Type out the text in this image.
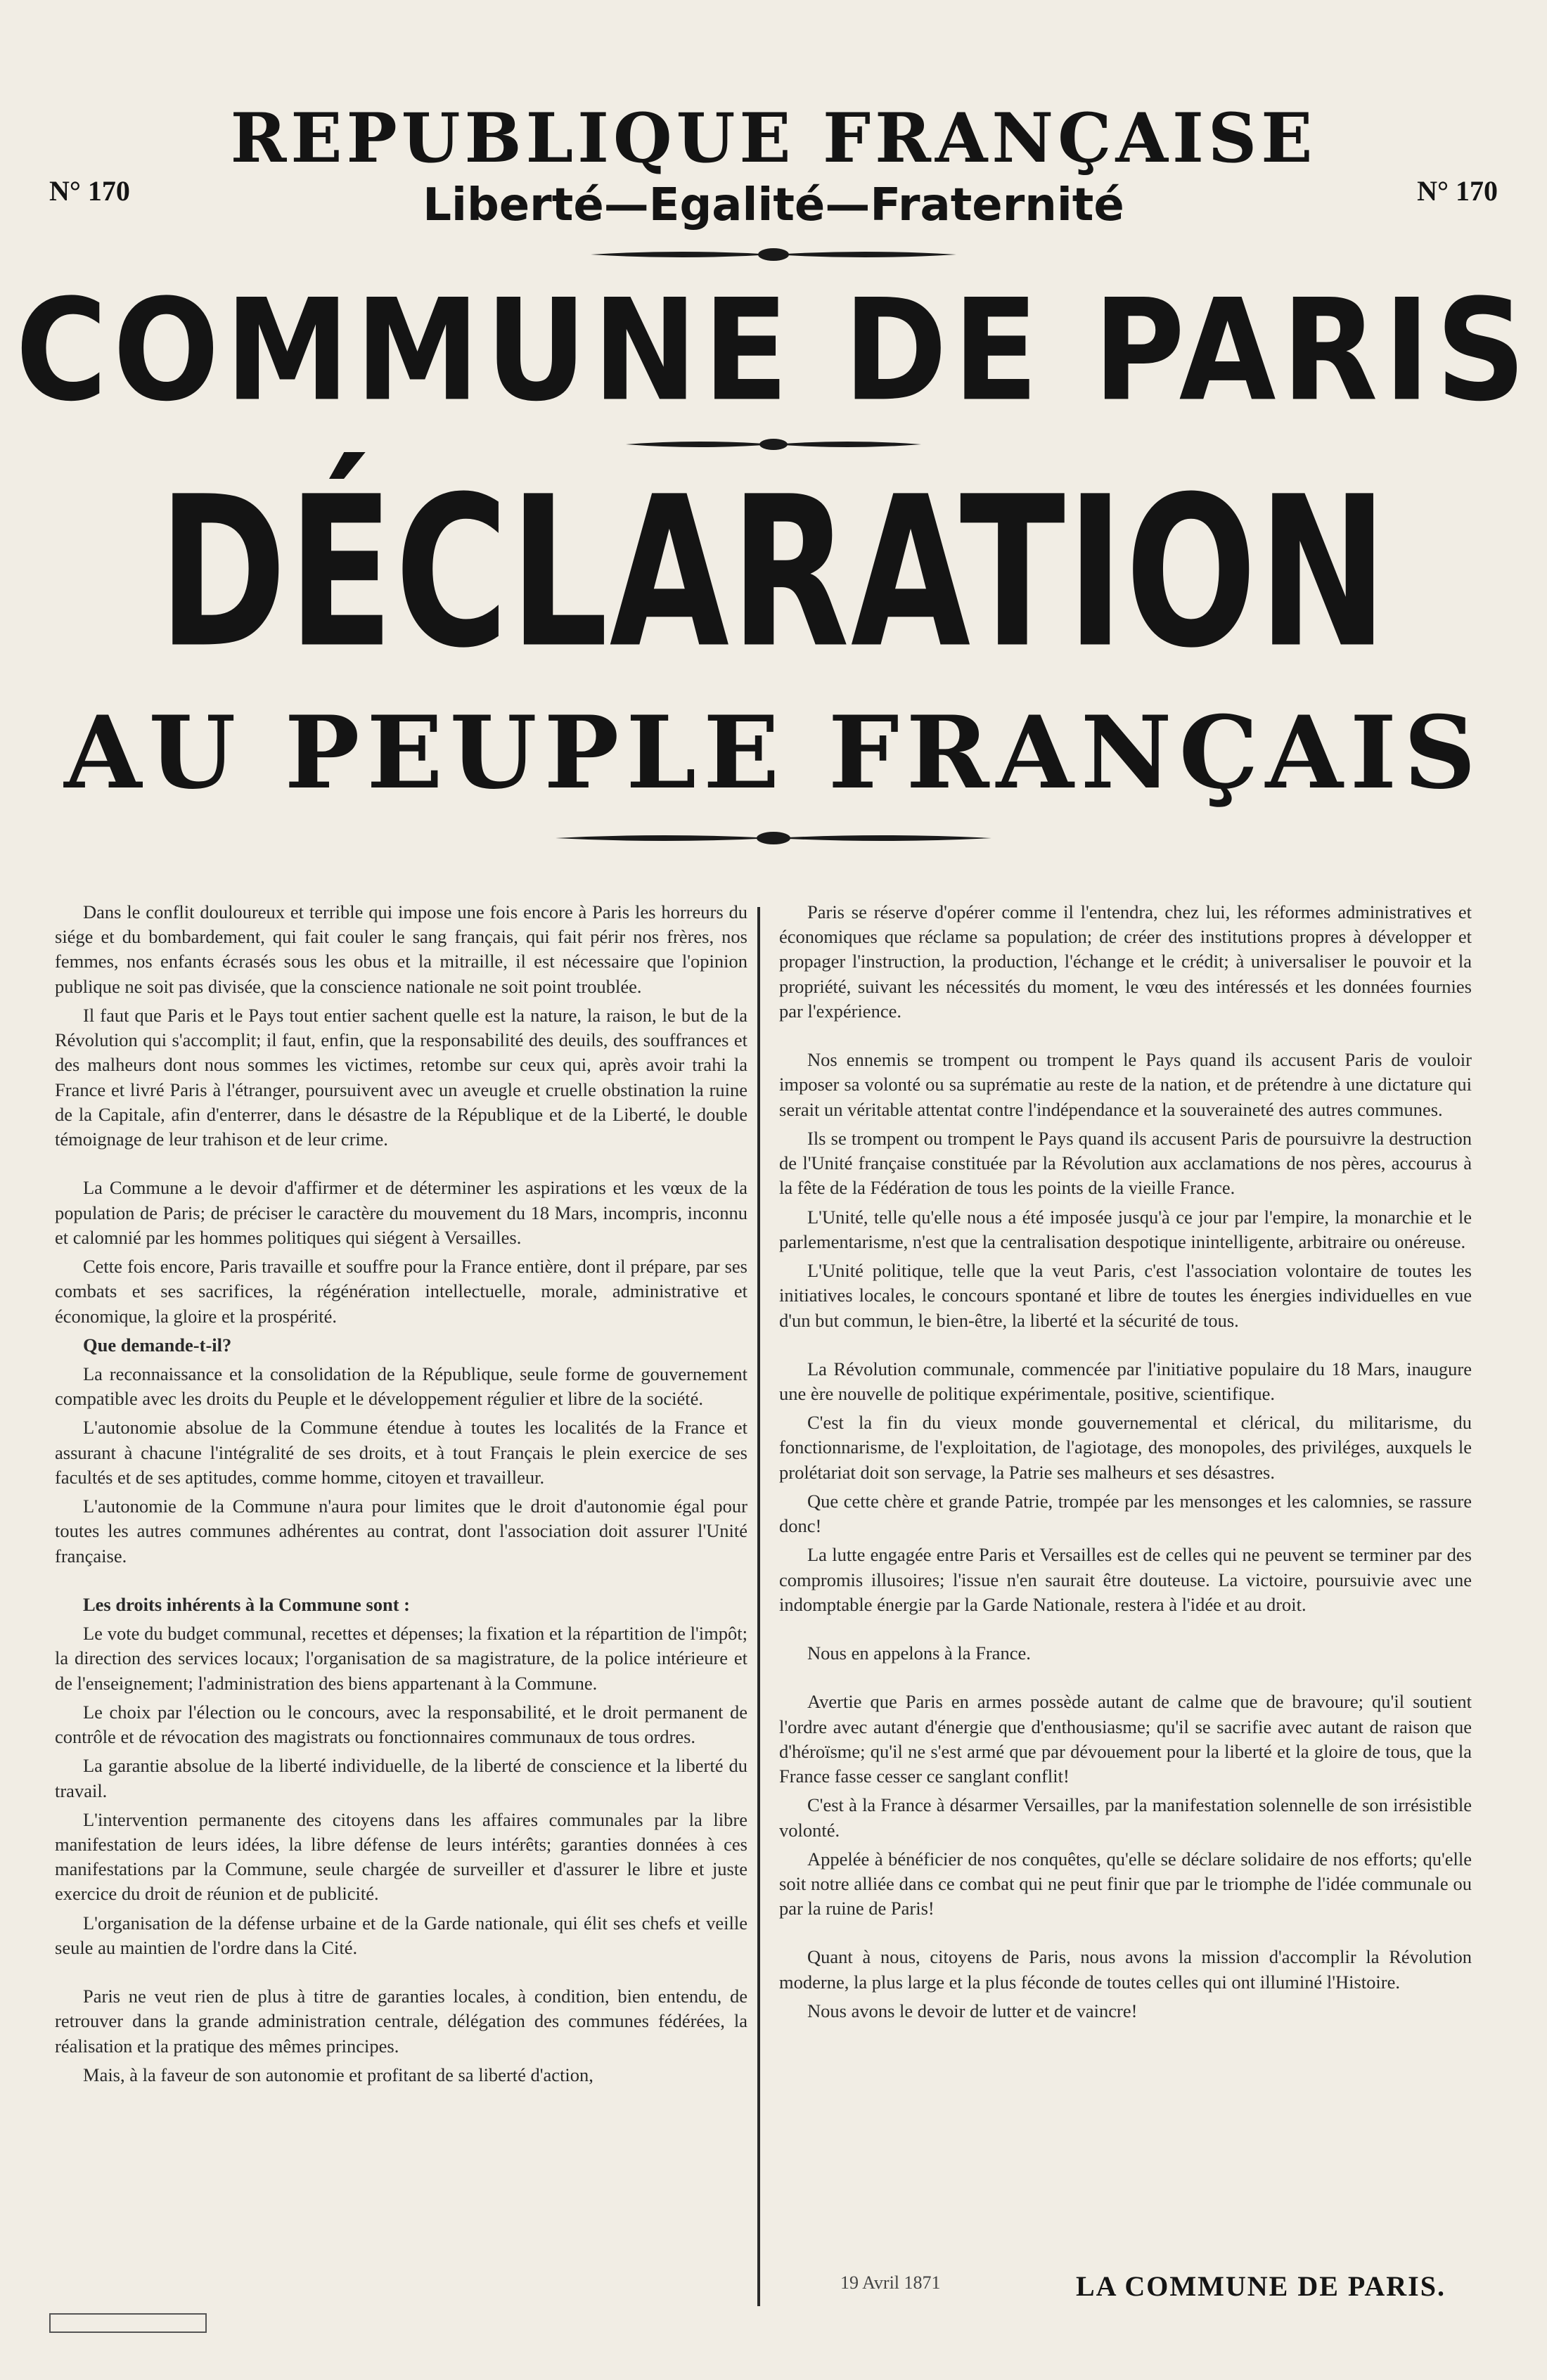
N° 170	N° 170
REPUBLIQUE FRANÇAISE
Liberté—Egalité—Fraternité
COMMUNE DE PARIS
DÉCLARATION
AU PEUPLE FRANÇAIS

Dans le conflit douloureux et terrible qui impose une fois encore à Paris les horreurs du siége et du bombardement, qui fait couler le sang français, qui fait périr nos frères, nos femmes, nos enfants écrasés sous les obus et la mitraille, il est nécessaire que l'opinion publique ne soit pas divisée, que la conscience nationale ne soit point troublée.

Il faut que Paris et le Pays tout entier sachent quelle est la nature, la raison, le but de la Révolution qui s'accomplit; il faut, enfin, que la responsabilité des deuils, des souffrances et des malheurs dont nous sommes les victimes, retombe sur ceux qui, après avoir trahi la France et livré Paris à l'étranger, poursuivent avec un aveugle et cruelle obstination la ruine de la Capitale, afin d'enterrer, dans le désastre de la République et de la Liberté, le double témoignage de leur trahison et de leur crime.

La Commune a le devoir d'affirmer et de déterminer les aspirations et les vœux de la population de Paris; de préciser le caractère du mouvement du 18 Mars, incompris, inconnu et calomnié par les hommes politiques qui siégent à Versailles.

Cette fois encore, Paris travaille et souffre pour la France entière, dont il prépare, par ses combats et ses sacrifices, la régénération intellectuelle, morale, administrative et économique, la gloire et la prospérité.

Que demande-t-il?

La reconnaissance et la consolidation de la République, seule forme de gouvernement compatible avec les droits du Peuple et le développement régulier et libre de la société.

L'autonomie absolue de la Commune étendue à toutes les localités de la France et assurant à chacune l'intégralité de ses droits, et à tout Français le plein exercice de ses facultés et de ses aptitudes, comme homme, citoyen et travailleur.

L'autonomie de la Commune n'aura pour limites que le droit d'autonomie égal pour toutes les autres communes adhérentes au contrat, dont l'association doit assurer l'Unité française.

Les droits inhérents à la Commune sont :

Le vote du budget communal, recettes et dépenses; la fixation et la répartition de l'impôt; la direction des services locaux; l'organisation de sa magistrature, de la police intérieure et de l'enseignement; l'administration des biens appartenant à la Commune.

Le choix par l'élection ou le concours, avec la responsabilité, et le droit permanent de contrôle et de révocation des magistrats ou fonctionnaires communaux de tous ordres.

La garantie absolue de la liberté individuelle, de la liberté de conscience et la liberté du travail.

L'intervention permanente des citoyens dans les affaires communales par la libre manifestation de leurs idées, la libre défense de leurs intérêts; garanties données à ces manifestations par la Commune, seule chargée de surveiller et d'assurer le libre et juste exercice du droit de réunion et de publicité.

L'organisation de la défense urbaine et de la Garde nationale, qui élit ses chefs et veille seule au maintien de l'ordre dans la Cité.

Paris ne veut rien de plus à titre de garanties locales, à condition, bien entendu, de retrouver dans la grande administration centrale, délégation des communes fédérées, la réalisation et la pratique des mêmes principes.

Mais, à la faveur de son autonomie et profitant de sa liberté d'action,

Paris se réserve d'opérer comme il l'entendra, chez lui, les réformes administratives et économiques que réclame sa population; de créer des institutions propres à développer et propager l'instruction, la production, l'échange et le crédit; à universaliser le pouvoir et la propriété, suivant les nécessités du moment, le vœu des intéressés et les données fournies par l'expérience.

Nos ennemis se trompent ou trompent le Pays quand ils accusent Paris de vouloir imposer sa volonté ou sa suprématie au reste de la nation, et de prétendre à une dictature qui serait un véritable attentat contre l'indépendance et la souveraineté des autres communes.

Ils se trompent ou trompent le Pays quand ils accusent Paris de poursuivre la destruction de l'Unité française constituée par la Révolution aux acclamations de nos pères, accourus à la fête de la Fédération de tous les points de la vieille France.

L'Unité, telle qu'elle nous a été imposée jusqu'à ce jour par l'empire, la monarchie et le parlementarisme, n'est que la centralisation despotique inintelligente, arbitraire ou onéreuse.

L'Unité politique, telle que la veut Paris, c'est l'association volontaire de toutes les initiatives locales, le concours spontané et libre de toutes les énergies individuelles en vue d'un but commun, le bien-être, la liberté et la sécurité de tous.

La Révolution communale, commencée par l'initiative populaire du 18 Mars, inaugure une ère nouvelle de politique expérimentale, positive, scientifique.

C'est la fin du vieux monde gouvernemental et clérical, du militarisme, du fonctionnarisme, de l'exploitation, de l'agiotage, des monopoles, des priviléges, auxquels le prolétariat doit son servage, la Patrie ses malheurs et ses désastres.

Que cette chère et grande Patrie, trompée par les mensonges et les calomnies, se rassure donc!

La lutte engagée entre Paris et Versailles est de celles qui ne peuvent se terminer par des compromis illusoires; l'issue n'en saurait être douteuse. La victoire, poursuivie avec une indomptable énergie par la Garde Nationale, restera à l'idée et au droit.

Nous en appelons à la France.

Avertie que Paris en armes possède autant de calme que de bravoure; qu'il soutient l'ordre avec autant d'énergie que d'enthousiasme; qu'il se sacrifie avec autant de raison que d'héroïsme; qu'il ne s'est armé que par dévouement pour la liberté et la gloire de tous, que la France fasse cesser ce sanglant conflit!

C'est à la France à désarmer Versailles, par la manifestation solennelle de son irrésistible volonté.

Appelée à bénéficier de nos conquêtes, qu'elle se déclare solidaire de nos efforts; qu'elle soit notre alliée dans ce combat qui ne peut finir que par le triomphe de l'idée communale ou par la ruine de Paris!

Quant à nous, citoyens de Paris, nous avons la mission d'accomplir la Révolution moderne, la plus large et la plus féconde de toutes celles qui ont illuminé l'Histoire.

Nous avons le devoir de lutter et de vaincre!

19 Avril 1871	LA COMMUNE DE PARIS.
